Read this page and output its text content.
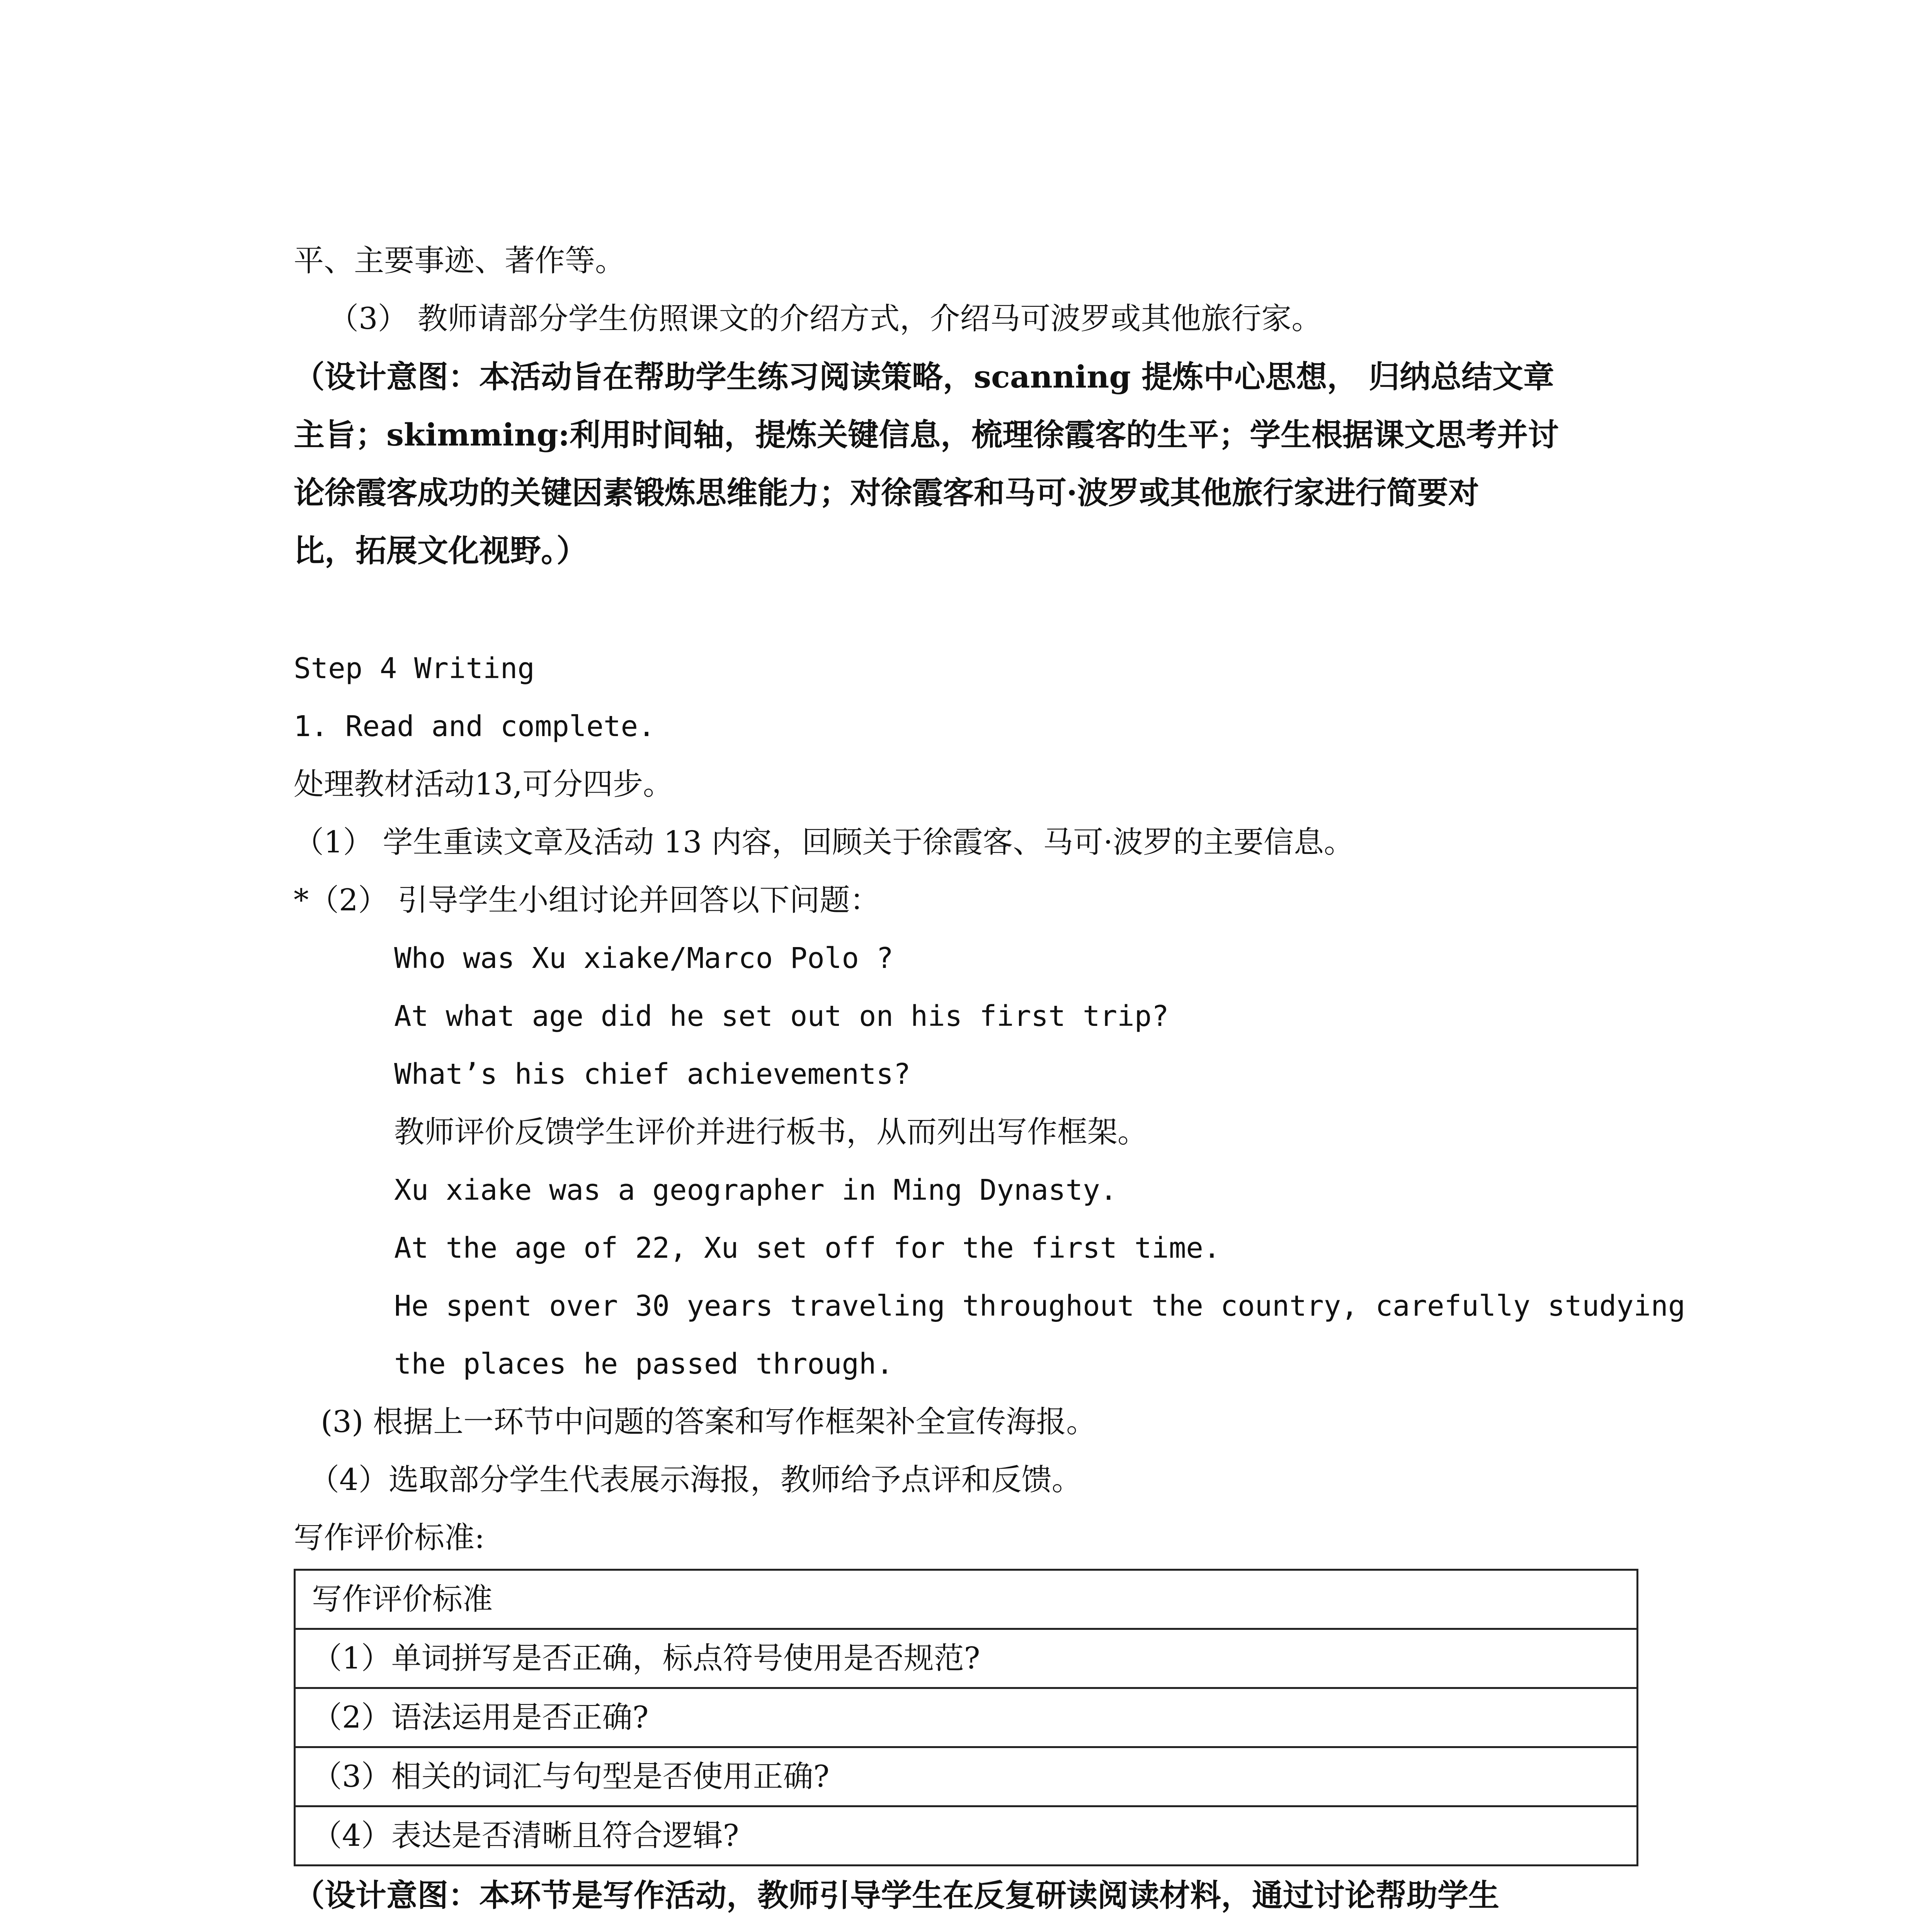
平、主要事迹、著作等。
（3） 教师请部分学生仿照课文的介绍方式，介绍马可波罗或其他旅行家。
（设计意图：本活动旨在帮助学生练习阅读策略，scanning 提炼中心思想， 归纳总结文章
主旨；skimming:利用时间轴，提炼关键信息，梳理徐霞客的生平；学生根据课文思考并讨
论徐霞客成功的关键因素锻炼思维能力；对徐霞客和马可·波罗或其他旅行家进行简要对
比，拓展文化视野。）
Step 4 Writing
1. Read and complete.
处理教材活动13,可分四步。
（1） 学生重读文章及活动 13 内容，回顾关于徐霞客、马可·波罗的主要信息。
*（2） 引导学生小组讨论并回答以下问题：
Who was Xu xiake/Marco Polo ?
At what age did he set out on his first trip?
What’s his chief achievements?
教师评价反馈学生评价并进行板书，从而列出写作框架。
Xu xiake was a geographer in Ming Dynasty.
At the age of 22, Xu set off for the first time.
He spent over 30 years traveling throughout the country, carefully studying
the places he passed through.
(3) 根据上一环节中问题的答案和写作框架补全宣传海报。
（4）选取部分学生代表展示海报，教师给予点评和反馈。
写作评价标准:
写作评价标准
（1）单词拼写是否正确，标点符号使用是否规范?
（2）语法运用是否正确?
（3）相关的词汇与句型是否使用正确?
（4）表达是否清晰且符合逻辑?
（设计意图：本环节是写作活动，教师引导学生在反复研读阅读材料，通过讨论帮助学生
